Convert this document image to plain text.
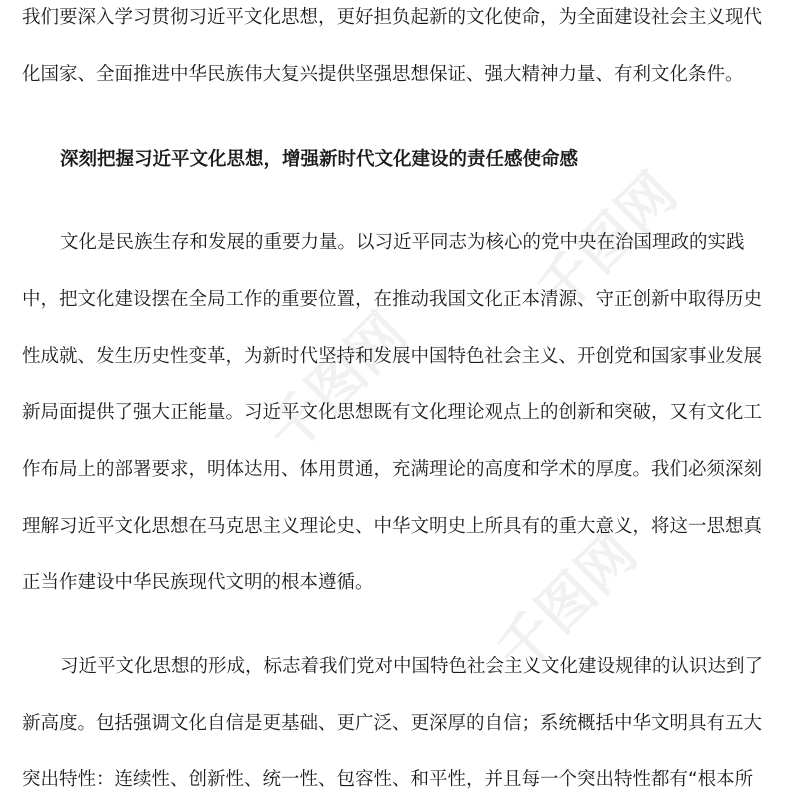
千图网
千图网
千图网
我们要深入学习贯彻习近平文化思想，更好担负起新的文化使命，为全面建设社会主义现代
化国家、全面推进中华民族伟大复兴提供坚强思想保证、强大精神力量、有利文化条件。
深刻把握习近平文化思想，增强新时代文化建设的责任感使命感
文化是民族生存和发展的重要力量。以习近平同志为核心的党中央在治国理政的实践
中，把文化建设摆在全局工作的重要位置，在推动我国文化正本清源、守正创新中取得历史
性成就、发生历史性变革，为新时代坚持和发展中国特色社会主义、开创党和国家事业发展
新局面提供了强大正能量。习近平文化思想既有文化理论观点上的创新和突破，又有文化工
作布局上的部署要求，明体达用、体用贯通，充满理论的高度和学术的厚度。我们必须深刻
理解习近平文化思想在马克思主义理论史、中华文明史上所具有的重大意义，将这一思想真
正当作建设中华民族现代文明的根本遵循。
习近平文化思想的形成，标志着我们党对中国特色社会主义文化建设规律的认识达到了
新高度。包括强调文化自信是更基础、更广泛、更深厚的自信；系统概括中华文明具有五大
突出特性：连续性、创新性、统一性、包容性、和平性，并且每一个突出特性都有“根本所
